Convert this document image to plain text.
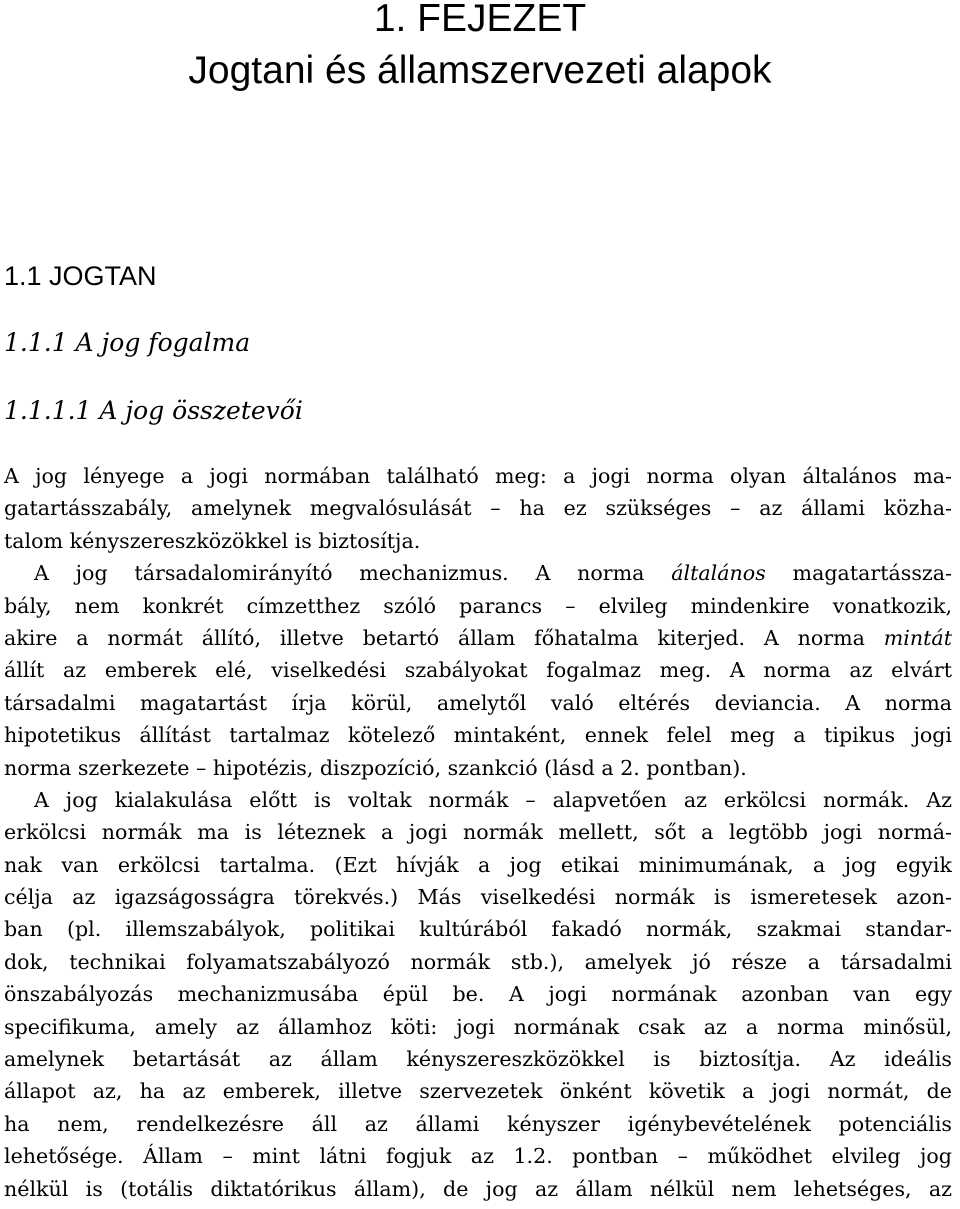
1. FEJEZET
Jogtani és államszervezeti alapok
1.1 JOGTAN
1.1.1 A jog fogalma
1.1.1.1 A jog összetevői
A jog lényege a jogi normában található meg: a jogi norma olyan általános ma-
gatartásszabály, amelynek megvalósulását – ha ez szükséges – az állami közha-
talom kényszereszközökkel is biztosítja.
A jog társadalomirányító mechanizmus. A norma általános magatartássza-
bály, nem konkrét címzetthez szóló parancs – elvileg mindenkire vonatkozik,
akire a normát állító, illetve betartó állam főhatalma kiterjed. A norma mintát
állít az emberek elé, viselkedési szabályokat fogalmaz meg. A norma az elvárt
társadalmi magatartást írja körül, amelytől való eltérés deviancia. A norma
hipotetikus állítást tartalmaz kötelező mintaként, ennek felel meg a tipikus jogi
norma szerkezete – hipotézis, diszpozíció, szankció (lásd a 2. pontban).
A jog kialakulása előtt is voltak normák – alapvetően az erkölcsi normák. Az
erkölcsi normák ma is léteznek a jogi normák mellett, sőt a legtöbb jogi normá-
nak van erkölcsi tartalma. (Ezt hívják a jog etikai minimumának, a jog egyik
célja az igazságosságra törekvés.) Más viselkedési normák is ismeretesek azon-
ban (pl. illemszabályok, politikai kultúrából fakadó normák, szakmai standar-
dok, technikai folyamatszabályozó normák stb.), amelyek jó része a társadalmi
önszabályozás mechanizmusába épül be. A jogi normának azonban van egy
specifikuma, amely az államhoz köti: jogi normának csak az a norma minősül,
amelynek betartását az állam kényszereszközökkel is biztosítja. Az ideális
állapot az, ha az emberek, illetve szervezetek önként követik a jogi normát, de
ha nem, rendelkezésre áll az állami kényszer igénybevételének potenciális
lehetősége. Állam – mint látni fogjuk az 1.2. pontban – működhet elvileg jog
nélkül is (totális diktatórikus állam), de jog az állam nélkül nem lehetséges, az
